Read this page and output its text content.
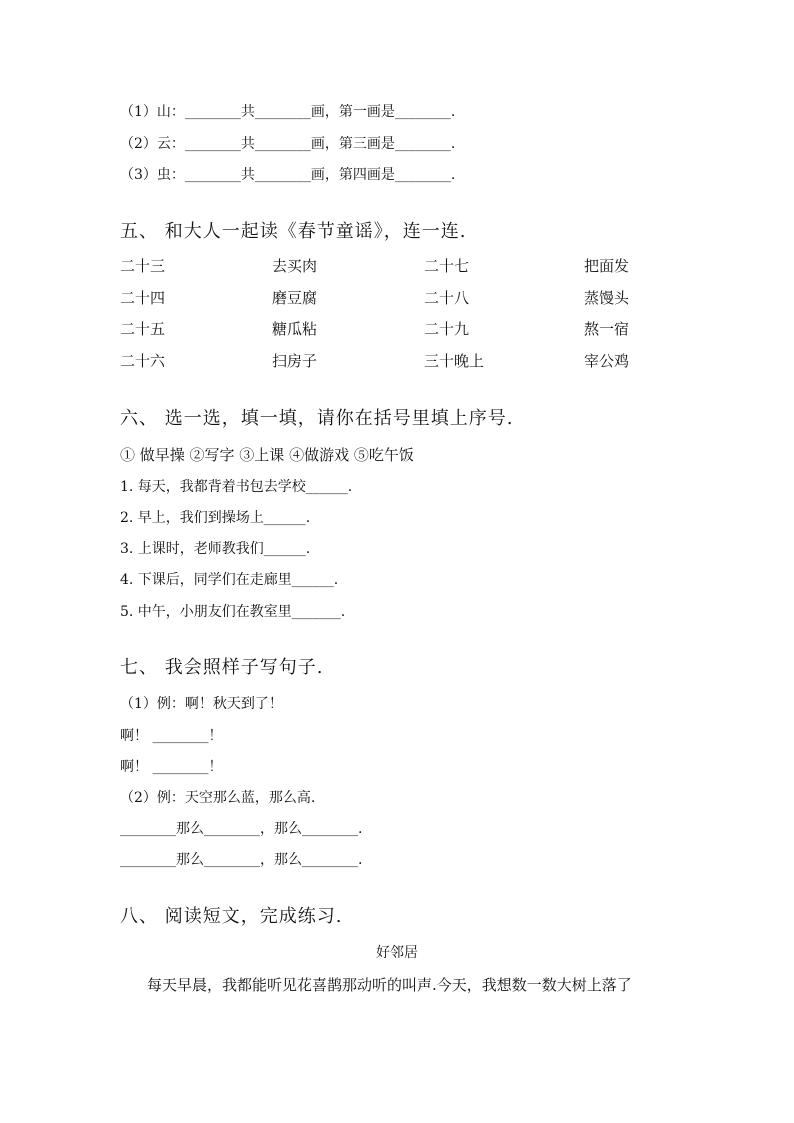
（1）山：________共________画，第一画是________.
（2）云：________共________画，第三画是________.
（3）虫：________共________画，第四画是________.
五、 和大人一起读《春节童谣》，连一连.
二十三	去买肉	二十七	把面发
二十四	磨豆腐	二十八	蒸馒头
二十五	糖瓜粘	二十九	熬一宿
二十六	扫房子	三十晚上	宰公鸡
六、 选一选，填一填，请你在括号里填上序号.
① 做早操 ②写字 ③上课 ④做游戏 ⑤吃午饭
1. 每天，我都背着书包去学校______.
2. 早上，我们到操场上______.
3. 上课时，老师教我们______.
4. 下课后，同学们在走廊里______.
5. 中午，小朋友们在教室里_______.
七、 我会照样子写句子.
（1）例：啊！秋天到了！
啊！ ________！
啊！ ________！
（2）例：天空那么蓝，那么高.
________那么________，那么________.
________那么________，那么________.
八、 阅读短文，完成练习.
好邻居
每天早晨，我都能听见花喜鹊那动听的叫声.今天，我想数一数大树上落了
